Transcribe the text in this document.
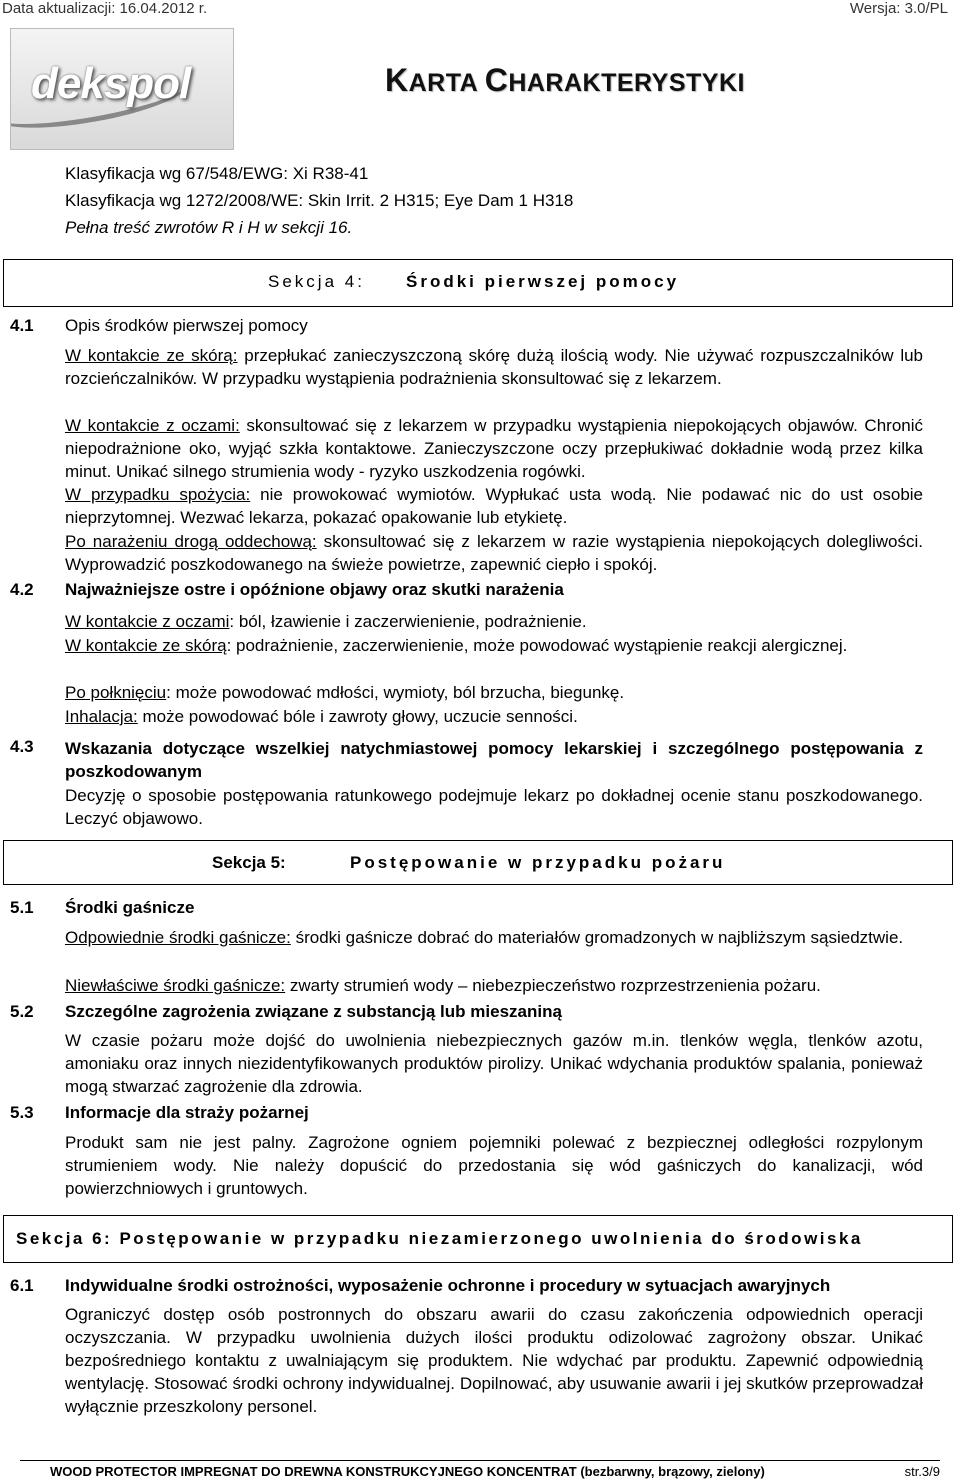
Data aktualizacji: 16.04.2012 r.	Wersja: 3.0/PL
dekspol	KARTA CHARAKTERYSTYKI
Klasyfikacja wg 67/548/EWG: Xi R38-41
Klasyfikacja wg 1272/2008/WE: Skin Irrit. 2 H315; Eye Dam 1 H318
Pełna treść zwrotów R i H w sekcji 16.
Sekcja 4: Środki pierwszej pomocy
4.1 Opis środków pierwszej pomocy
W kontakcie ze skórą: przepłukać zanieczyszczoną skórę dużą ilością wody. Nie używać rozpuszczalników lub rozcieńczalników. W przypadku wystąpienia podrażnienia skonsultować się z lekarzem.
W kontakcie z oczami: skonsultować się z lekarzem w przypadku wystąpienia niepokojących objawów. Chronić niepodrażnione oko, wyjąć szkła kontaktowe. Zanieczyszczone oczy przepłukiwać dokładnie wodą przez kilka minut. Unikać silnego strumienia wody - ryzyko uszkodzenia rogówki.
W przypadku spożycia: nie prowokować wymiotów. Wypłukać usta wodą. Nie podawać nic do ust osobie nieprzytomnej. Wezwać lekarza, pokazać opakowanie lub etykietę.
Po narażeniu drogą oddechową: skonsultować się z lekarzem w razie wystąpienia niepokojących dolegliwości. Wyprowadzić poszkodowanego na świeże powietrze, zapewnić ciepło i spokój.
4.2 Najważniejsze ostre i opóźnione objawy oraz skutki narażenia
W kontakcie z oczami: ból, łzawienie i zaczerwienienie, podrażnienie.
W kontakcie ze skórą: podrażnienie, zaczerwienienie, może powodować wystąpienie reakcji alergicznej.
Po połknięciu: może powodować mdłości, wymioty, ból brzucha, biegunkę.
Inhalacja: może powodować bóle i zawroty głowy, uczucie senności.
4.3 Wskazania dotyczące wszelkiej natychmiastowej pomocy lekarskiej i szczególnego postępowania z poszkodowanym
Decyzję o sposobie postępowania ratunkowego podejmuje lekarz po dokładnej ocenie stanu poszkodowanego. Leczyć objawowo.
Sekcja 5:	Postępowanie w przypadku pożaru
5.1 Środki gaśnicze
Odpowiednie środki gaśnicze: środki gaśnicze dobrać do materiałów gromadzonych w najbliższym sąsiedztwie.
Niewłaściwe środki gaśnicze: zwarty strumień wody – niebezpieczeństwo rozprzestrzenienia pożaru.
5.2 Szczególne zagrożenia związane z substancją lub mieszaniną
W czasie pożaru może dojść do uwolnienia niebezpiecznych gazów m.in. tlenków węgla, tlenków azotu, amoniaku oraz innych niezidentyfikowanych produktów pirolizy. Unikać wdychania produktów spalania, ponieważ mogą stwarzać zagrożenie dla zdrowia.
5.3 Informacje dla straży pożarnej
Produkt sam nie jest palny. Zagrożone ogniem pojemniki polewać z bezpiecznej odległości rozpylonym strumieniem wody. Nie należy dopuścić do przedostania się wód gaśniczych do kanalizacji, wód powierzchniowych i gruntowych.
Sekcja 6: Postępowanie w przypadku niezamierzonego uwolnienia do środowiska
6.1 Indywidualne środki ostrożności, wyposażenie ochronne i procedury w sytuacjach awaryjnych
Ograniczyć dostęp osób postronnych do obszaru awarii do czasu zakończenia odpowiednich operacji oczyszczania. W przypadku uwolnienia dużych ilości produktu odizolować zagrożony obszar. Unikać bezpośredniego kontaktu z uwalniającym się produktem. Nie wdychać par produktu. Zapewnić odpowiednią wentylację. Stosować środki ochrony indywidualnej. Dopilnować, aby usuwanie awarii i jej skutków przeprowadzał wyłącznie przeszkolony personel.
WOOD PROTECTOR IMPREGNAT DO DREWNA KONSTRUKCYJNEGO KONCENTRAT (bezbarwny, brązowy, zielony)	str.3/9
